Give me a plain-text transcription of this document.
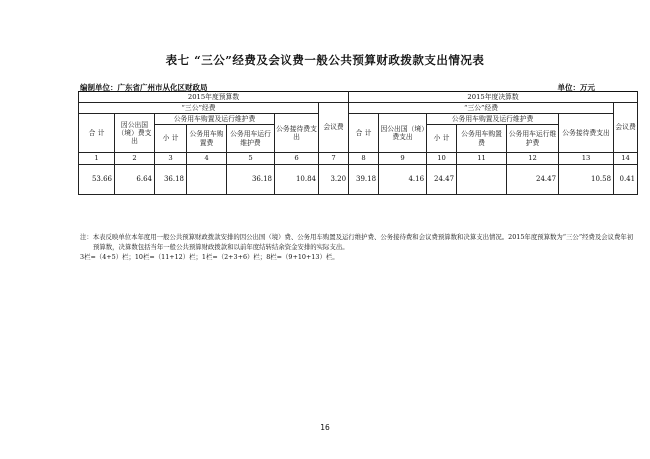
表七 “三公”经费及会议费一般公共预算财政拨款支出情况表
编制单位：广东省广州市从化区财政局	单位：万元
2015年度预算数							2015年度决算数						
“三公”经费						会议费	“三公”经费						会议费
合 计	因公出国（境）费支出	公务用车购置及运行维护费			公务接待费支出		合 计	因公出国（境）费支出	公务用车购置及运行维护费			公务接待费支出	
		小 计	公务用车购置费	公务用车运行维护费					小 计	公务用车购置费	公务用车运行维护费		
1	2	3	4	5	6	7	8	9	10	11	12	13	14
53.66	6.64	36.18		36.18	10.84	3.20	39.18	4.16	24.47		24.47	10.58	0.41
注：本表反映单位本年度用一般公共预算财政拨款安排的因公出国（境）费、公务用车购置及运行维护费、公务接待费和会议费预算数和决算支出情况。2015年度预算数为“三公”经费及会议费年初
预算数，决算数包括当年一般公共预算财政拨款和以前年度结转结余资金安排的实际支出。
3栏=（4+5）栏；10栏=（11+12）栏；1栏=（2+3+6）栏；8栏=（9+10+13）栏。
16
